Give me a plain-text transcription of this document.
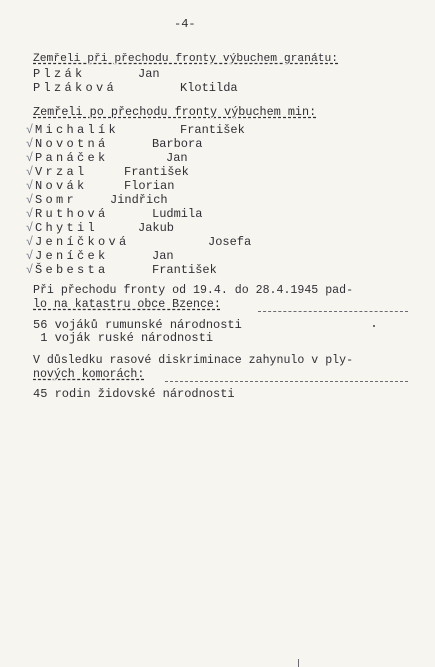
-4-
Zemřeli při přechodu fronty výbuchem granátu:
Plzák	Jan
Plzáková	Klotilda
Zemřeli po přechodu fronty výbuchem min:
√ Michalík	František
√ Novotná	Barbora
√ Panáček	Jan
√ Vrzal	František
√ Novák	Florian
√ Somr	Jindřich
√ Ruthová	Ludmila
√ Chytil	Jakub
√ Jeníčková	Josefa
√ Jeníček	Jan
√ Šebesta	František
Při přechodu fronty od 19.4. do 28.4.1945 pad-
lo na katastru obce Bzence:
56 vojáků rumunské národnosti
1 voják ruské národnosti
V důsledku rasové diskriminace zahynulo v ply-
nových komorách:
45 rodin židovské národnosti
